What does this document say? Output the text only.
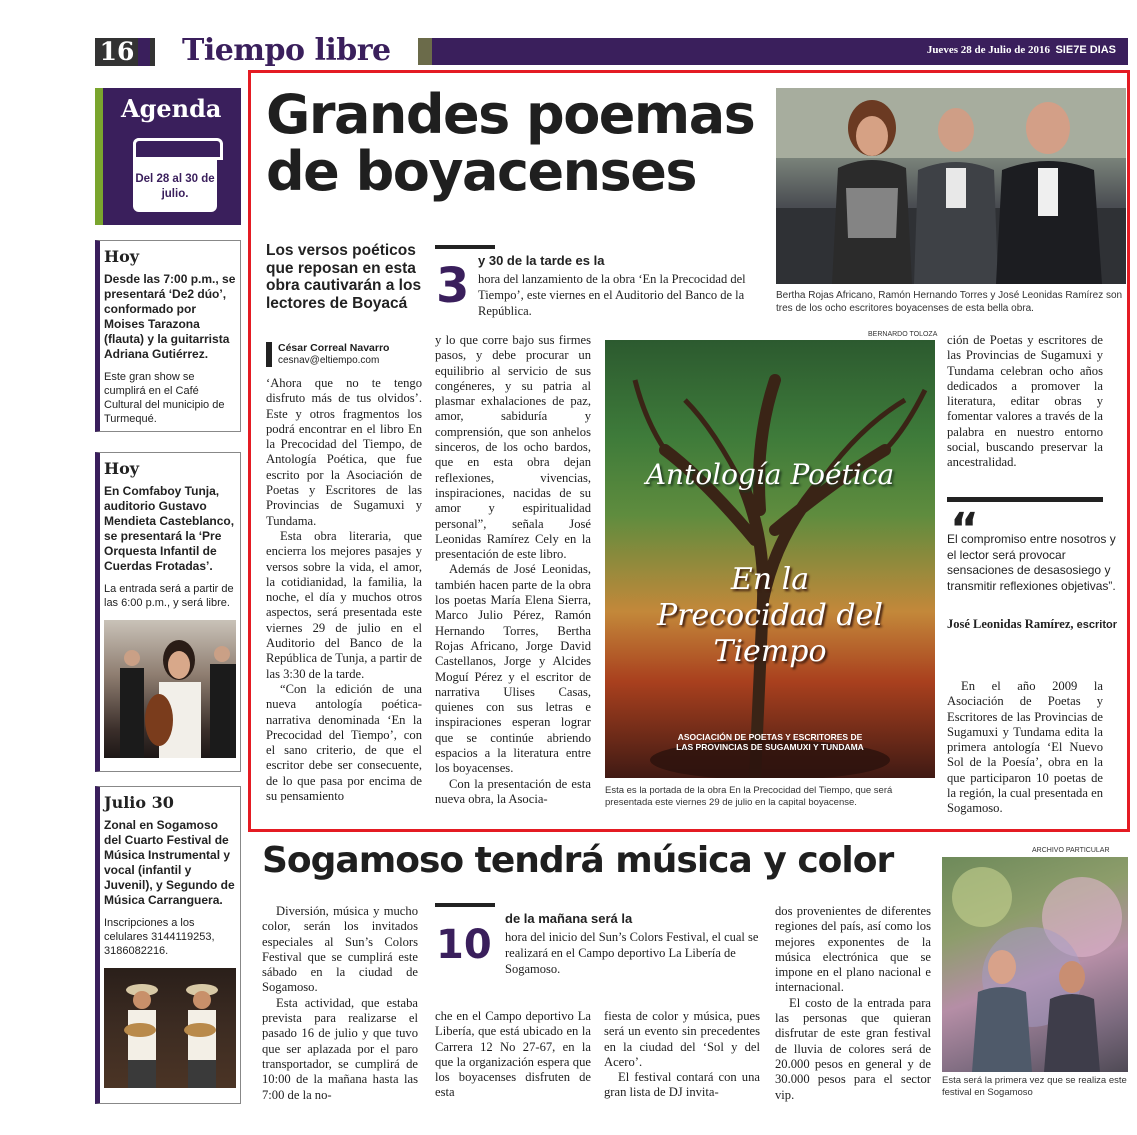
16	Tiempo libre	Jueves 28 de Julio de 2016 SIE7E DIAS
Agenda
Del 28 al 30 de julio.
Hoy
Desde las 7:00 p.m., se presentará ‘De2 dúo’, conformado por Moises Tarazona (flauta) y la guitarrista Adriana Gutiérrez.
Este gran show se cumplirá en el Café Cultural del municipio de Turmequé.
Hoy
En Comfaboy Tunja, auditorio Gustavo Mendieta Casteblanco, se presentará la ‘Pre Orquesta Infantil de Cuerdas Frotadas’.
La entrada será a partir de las 6:00 p.m., y será libre.
Julio 30
Zonal en Sogamoso del Cuarto Festival de Música Instrumental y vocal (infantil y Juvenil), y Segundo de Música Carranguera.
Inscripciones a los celulares 3144119253, 3186082216.
Grandes poemas de boyacenses
Los versos poéticos que reposan en esta obra cautivarán a los lectores de Boyacá
César Correal Navarro
cesnav@eltiempo.com
3 y 30 de la tarde es la
hora del lanzamiento de la obra ‘En la Precocidad del Tiempo’, este viernes en el Auditorio del Banco de la República.
Bertha Rojas Africano, Ramón Hernando Torres y José Leonidas Ramírez son tres de los ocho escritores boyacenses de esta bella obra.

‘Ahora que no te tengo disfruto más de tus olvidos’. Este y otros fragmentos los podrá encontrar en el libro En la Precocidad del Tiempo, de Antología Poética, que fue escrito por la Asociación de Poetas y Escritores de las Provincias de Sugamuxi y Tundama.

Esta obra literaria, que encierra los mejores pasajes y versos sobre la vida, el amor, la cotidianidad, la familia, la noche, el día y muchos otros aspectos, será presentada este viernes 29 de julio en el Auditorio del Banco de la República de Tunja, a partir de las 3:30 de la tarde.

“Con la edición de una nueva antología poética-narrativa denominada ‘En la Precocidad del Tiempo’, con el sano criterio, de que el escritor debe ser consecuente, de lo que pasa por encima de su pensamiento

y lo que corre bajo sus firmes pasos, y debe procurar un equilibrio al servicio de sus congéneres, y su patria al plasmar exhalaciones de paz, amor, sabiduría y comprensión, que son anhelos sinceros, de los ocho bardos, que en esta obra dejan reflexiones, vivencias, inspiraciones, nacidas de su amor y espiritualidad personal”, señala José Leonidas Ramírez Cely en la presentación de este libro.

Además de José Leonidas, también hacen parte de la obra los poetas María Elena Sierra, Marco Julio Pérez, Ramón Hernando Torres, Bertha Rojas Africano, Jorge David Castellanos, Jorge y Alcides Moguí Pérez y el escritor de narrativa Ulises Casas, quienes con sus letras e inspiraciones esperan lograr que se continúe abriendo espacios a la literatura entre los boyacenses.

Con la presentación de esta nueva obra, la Asocia-

BERNARDO TOLOZA
Antología Poética
En la Precocidad del Tiempo
ASOCIACIÓN DE POETAS Y ESCRITORES DE LAS PROVINCIAS DE SUGAMUXI Y TUNDAMA
Esta es la portada de la obra En la Precocidad del Tiempo, que será presentada este viernes 29 de julio en la capital boyacense.

ción de Poetas y escritores de las Provincias de Sugamuxi y Tundama celebran ocho años dedicados a promover la literatura, editar obras y fomentar valores a través de la palabra en nuestro entorno social, buscando preservar la ancestralidad.

“
El compromiso entre nosotros y el lector será provocar sensaciones de desasosiego y transmitir reflexiones objetivas”.
José Leonidas Ramírez, escritor

En el año 2009 la Asociación de Poetas y Escritores de las Provincias de Sugamuxi y Tundama edita la primera antología ‘El Nuevo Sol de la Poesía’, obra en la que participaron 10 poetas de la región, la cual presentada en Sogamoso.

Sogamoso tendrá música y color

Diversión, música y mucho color, serán los invitados especiales al Sun’s Colors Festival que se cumplirá este sábado en la ciudad de Sogamoso.

Esta actividad, que estaba prevista para realizarse el pasado 16 de julio y que tuvo que ser aplazada por el paro transportador, se cumplirá de 10:00 de la mañana hasta las 7:00 de la no-

10
de la mañana será la
hora del inicio del Sun’s Colors Festival, el cual se realizará en el Campo deportivo La Libería de Sogamoso.

che en el Campo deportivo La Libería, que está ubicado en la Carrera 12 No 27-67, en la que la organización espera que los boyacenses disfruten de esta

fiesta de color y música, pues será un evento sin precedentes en la ciudad del ‘Sol y del Acero’.

El festival contará con una gran lista de DJ invita-

dos provenientes de diferentes regiones del país, así como los mejores exponentes de la música electrónica que se impone en el plano nacional e internacional.

El costo de la entrada para las personas que quieran disfrutar de este gran festival de lluvia de colores será de 20.000 pesos en general y de 30.000 pesos para el sector vip.

ARCHIVO PARTICULAR
Esta será la primera vez que se realiza este festival en Sogamoso
